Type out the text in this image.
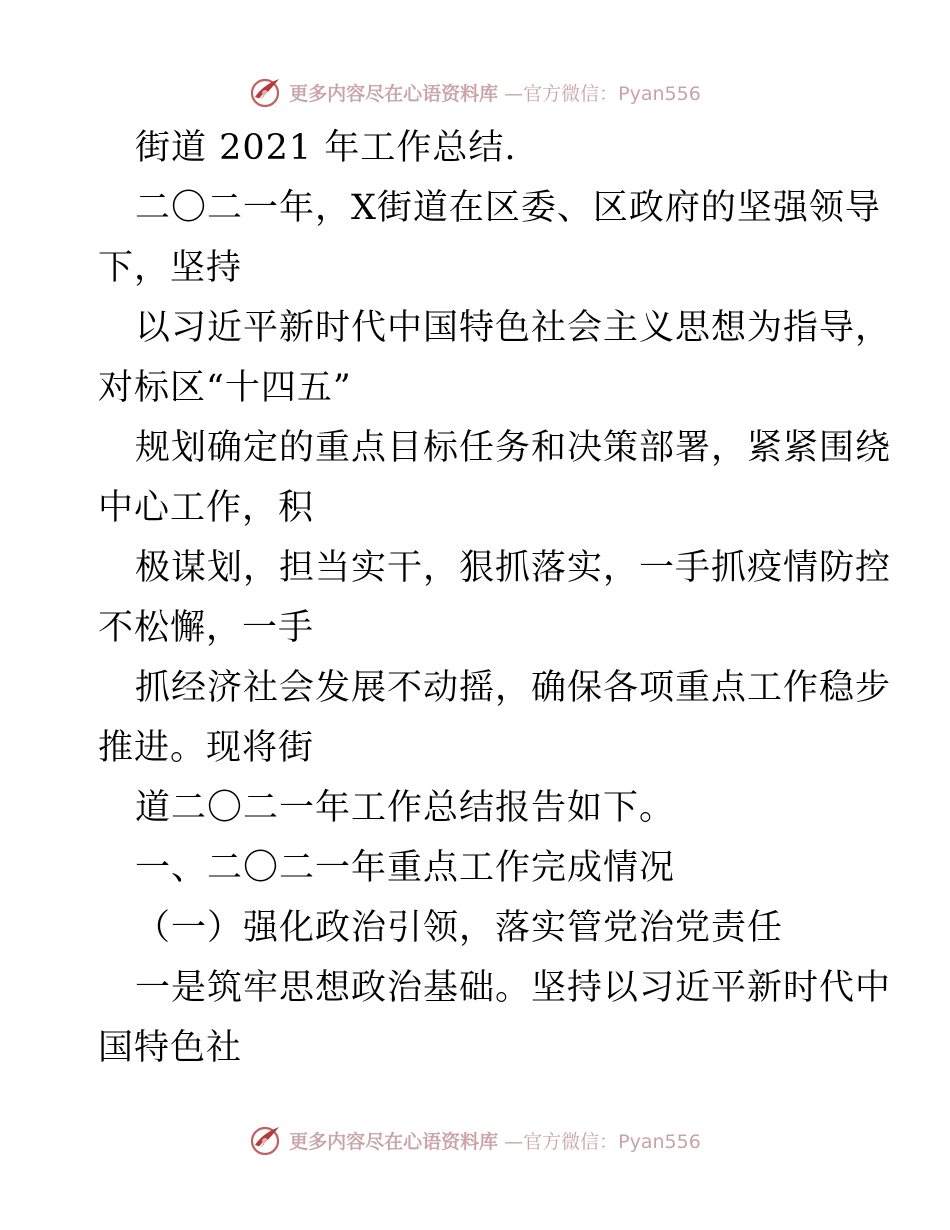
更多内容尽在心语资料库 —官方微信：Pyan556
街道 2021 年工作总结.
二〇二一年，X街道在区委、区政府的坚强领导
下，坚持
以习近平新时代中国特色社会主义思想为指导，
对标区“十四五”
规划确定的重点目标任务和决策部署，紧紧围绕
中心工作，积
极谋划，担当实干，狠抓落实，一手抓疫情防控
不松懈，一手
抓经济社会发展不动摇，确保各项重点工作稳步
推进。现将街
道二〇二一年工作总结报告如下。
一、二〇二一年重点工作完成情况
（一）强化政治引领，落实管党治党责任
一是筑牢思想政治基础。坚持以习近平新时代中
国特色社
更多内容尽在心语资料库 —官方微信：Pyan556
